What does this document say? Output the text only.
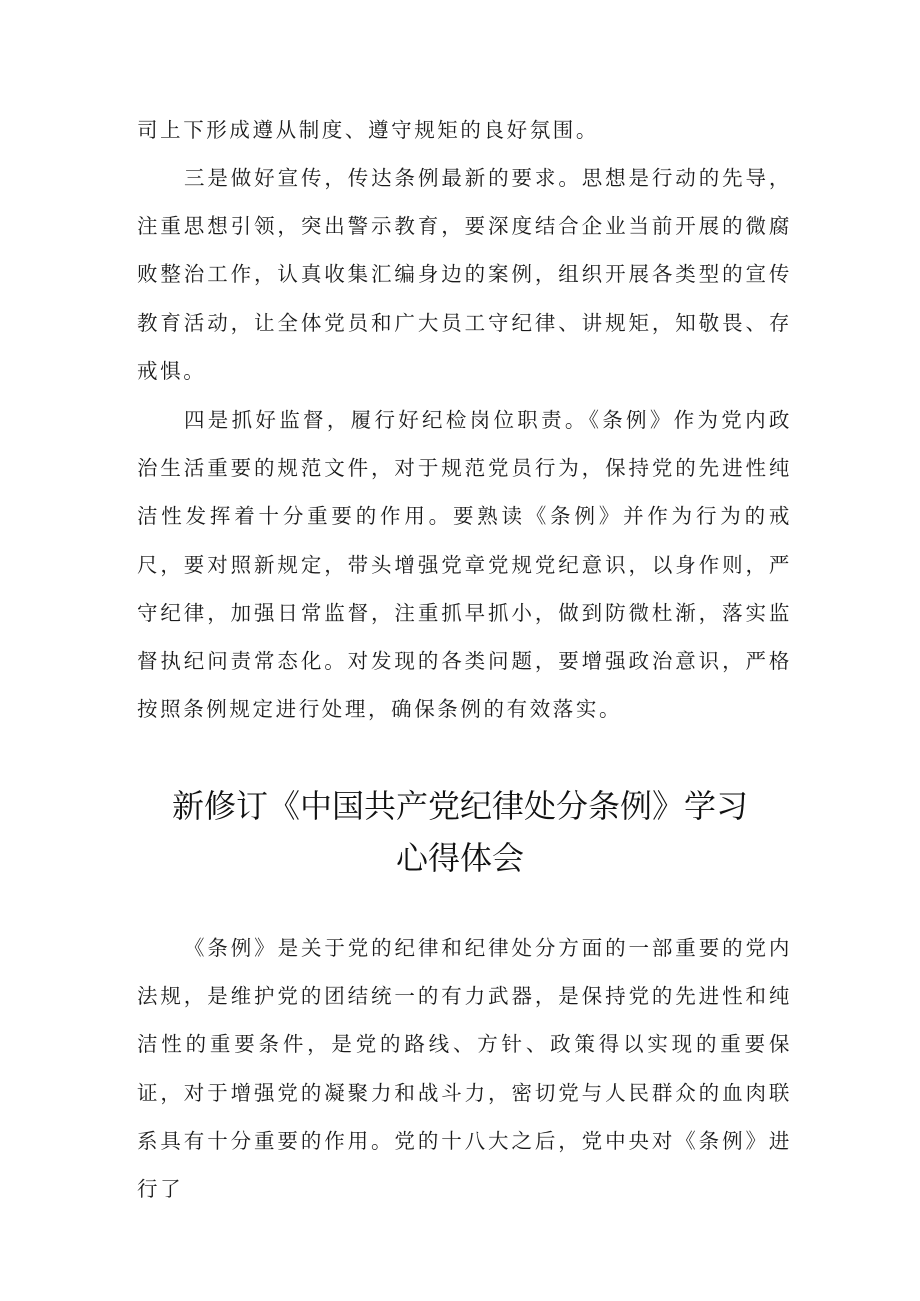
司上下形成遵从制度、遵守规矩的良好氛围。

三是做好宣传，传达条例最新的要求。思想是行动的先导，注重思想引领，突出警示教育，要深度结合企业当前开展的微腐败整治工作，认真收集汇编身边的案例，组织开展各类型的宣传教育活动，让全体党员和广大员工守纪律、讲规矩，知敬畏、存戒惧。

四是抓好监督，履行好纪检岗位职责。《条例》作为党内政治生活重要的规范文件，对于规范党员行为，保持党的先进性纯洁性发挥着十分重要的作用。要熟读《条例》并作为行为的戒尺，要对照新规定，带头增强党章党规党纪意识，以身作则，严守纪律，加强日常监督，注重抓早抓小，做到防微杜渐，落实监督执纪问责常态化。对发现的各类问题，要增强政治意识，严格按照条例规定进行处理，确保条例的有效落实。

新修订《中国共产党纪律处分条例》学习
心得体会

《条例》是关于党的纪律和纪律处分方面的一部重要的党内法规，是维护党的团结统一的有力武器，是保持党的先进性和纯洁性的重要条件，是党的路线、方针、政策得以实现的重要保证，对于增强党的凝聚力和战斗力，密切党与人民群众的血肉联系具有十分重要的作用。党的十八大之后，党中央对《条例》进行了
